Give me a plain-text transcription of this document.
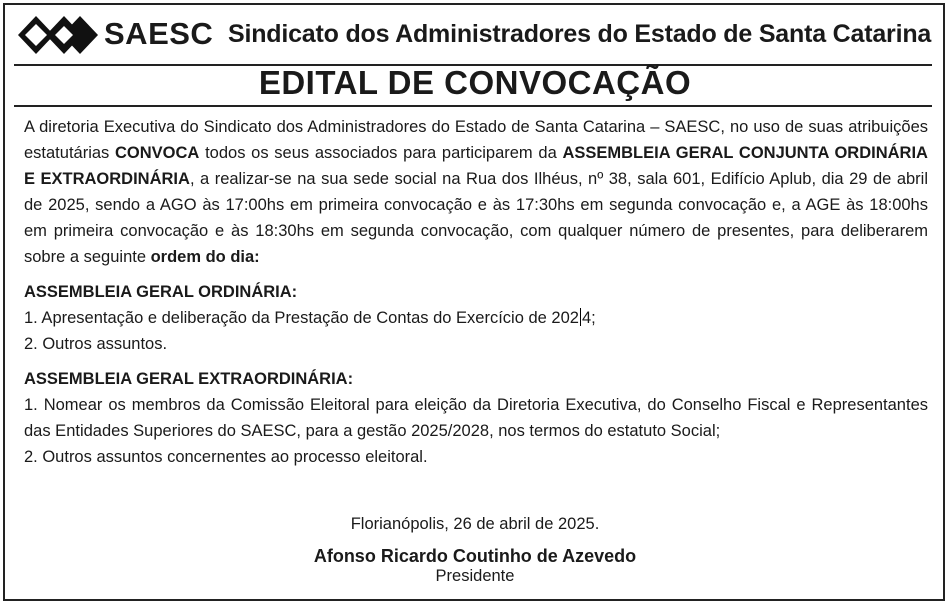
SAESC Sindicato dos Administradores do Estado de Santa Catarina
EDITAL DE CONVOCAÇÃO

A diretoria Executiva do Sindicato dos Administradores do Estado de Santa Catarina – SAESC, no uso de suas atribuições estatutárias CONVOCA todos os seus associados para participarem da ASSEMBLEIA GERAL CONJUNTA ORDINÁRIA E EXTRAORDINÁRIA, a realizar-se na sua sede social na Rua dos Ilhéus, nº 38, sala 601, Edifício Aplub, dia 29 de abril de 2025, sendo a AGO às 17:00hs em primeira convocação e às 17:30hs em segunda convocação e, a AGE às 18:00hs em primeira convocação e às 18:30hs em segunda convocação, com qualquer número de presentes, para deliberarem sobre a seguinte ordem do dia:

ASSEMBLEIA GERAL ORDINÁRIA:

1. Apresentação e deliberação da Prestação de Contas do Exercício de 202 4;

2. Outros assuntos.

ASSEMBLEIA GERAL EXTRAORDINÁRIA:

1. Nomear os membros da Comissão Eleitoral para eleição da Diretoria Executiva, do Conselho Fiscal e Representantes das Entidades Superiores do SAESC, para a gestão 2025/2028, nos termos do estatuto Social;

2. Outros assuntos concernentes ao processo eleitoral.

Florianópolis, 26 de abril de 2025.
Afonso Ricardo Coutinho de Azevedo
Presidente
